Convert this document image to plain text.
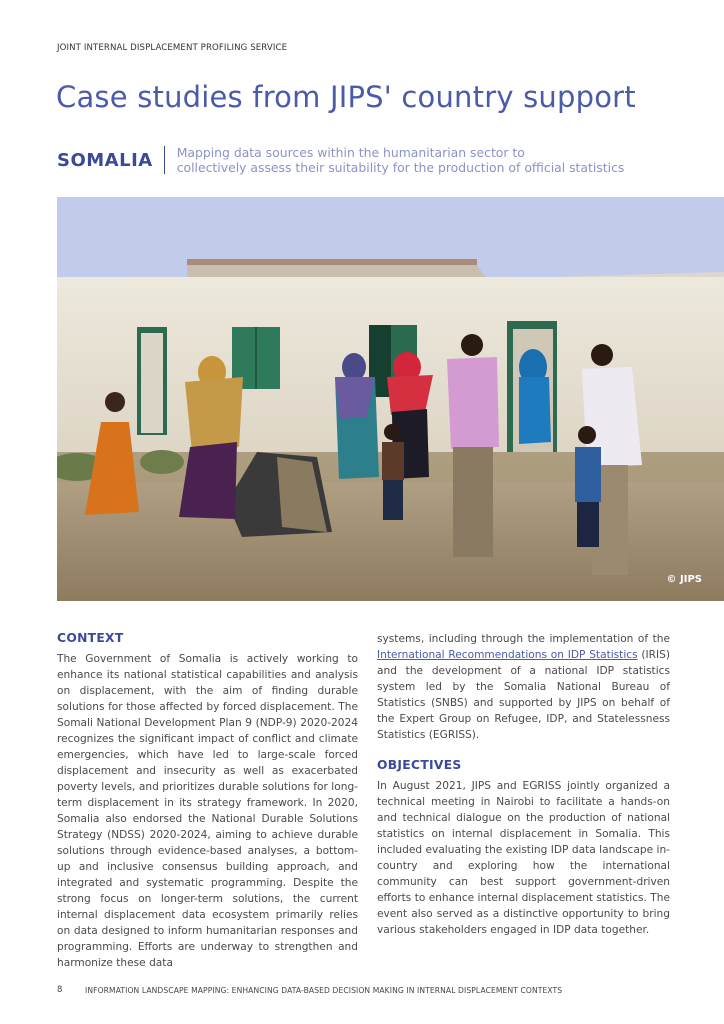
JOINT INTERNAL DISPLACEMENT PROFILING SERVICE
Case studies from JIPS' country support
SOMALIA Mapping data sources within the humanitarian sector to
collectively assess their suitability for the production of official statistics
© JIPS
CONTEXT

The Government of Somalia is actively working to enhance its national statistical capabilities and analysis on displacement, with the aim of finding durable solutions for those affected by forced displacement. The Somali National Development Plan 9 (NDP-9) 2020-2024 recognizes the significant impact of conflict and climate emergencies, which have led to large-scale forced displacement and insecurity as well as exacerbated poverty levels, and prioritizes durable solutions for long-term displacement in its strategy framework. In 2020, Somalia also endorsed the National Durable Solutions Strategy (NDSS) 2020-2024, aiming to achieve durable solutions through evidence-based analyses, a bottom-up and inclusive consensus building approach, and integrated and systematic programming. Despite the strong focus on longer-term solutions, the current internal displacement data ecosystem primarily relies on data designed to inform humanitarian responses and programming. Efforts are underway to strengthen and harmonize these data

systems, including through the implementation of the International Recommendations on IDP Statistics (IRIS) and the development of a national IDP statistics system led by the Somalia National Bureau of Statistics (SNBS) and supported by JIPS on behalf of the Expert Group on Refugee, IDP, and Statelessness Statistics (EGRISS).

OBJECTIVES

In August 2021, JIPS and EGRISS jointly organized a technical meeting in Nairobi to facilitate a hands-on and technical dialogue on the production of national statistics on internal displacement in Somalia. This included evaluating the existing IDP data landscape in-country and exploring how the international community can best support government-driven efforts to enhance internal displacement statistics. The event also served as a distinctive opportunity to bring various stakeholders engaged in IDP data together.

8	INFORMATION LANDSCAPE MAPPING: ENHANCING DATA-BASED DECISION MAKING IN INTERNAL DISPLACEMENT CONTEXTS
